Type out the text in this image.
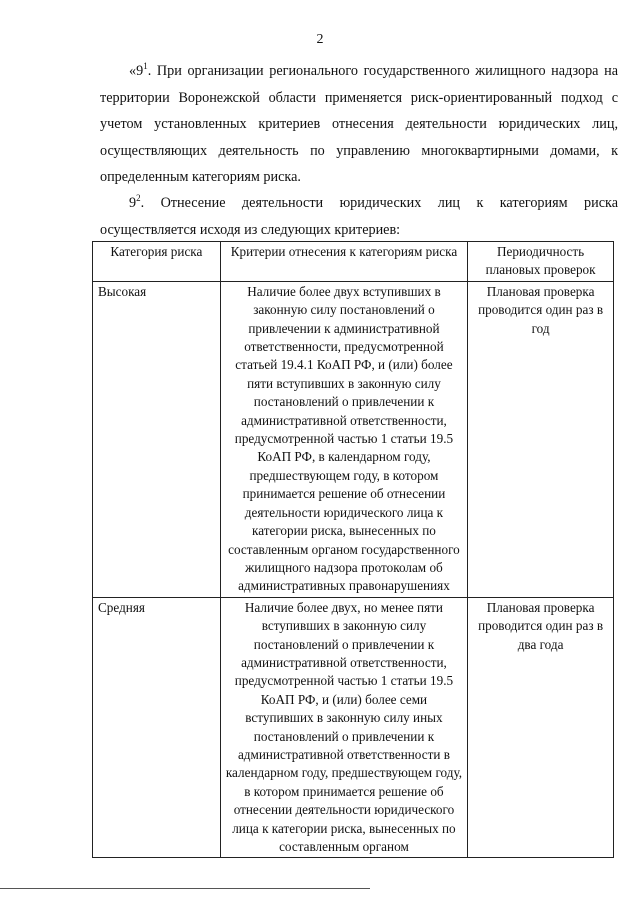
2

«$9^1$. При организации регионального государственного жилищного надзора на территории Воронежской области применяется риск-ориентированный подход с учетом установленных критериев отнесения деятельности юридических лиц, осуществляющих деятельность по управлению многоквартирными домами, к определенным категориям риска.

$9^2$. Отнесение деятельности юридических лиц к категориям риска осуществляется исходя из следующих критериев:

Категория риска	Критерии отнесения к категориям риска	Периодичность плановых проверок
Высокая	Наличие более двух вступивших в законную силу постановлений о привлечении к административной ответственности, предусмотренной статьей 19.4.1 КоАП РФ, и (или) более пяти вступивших в законную силу постановлений о привлечении к административной ответственности, предусмотренной частью 1 статьи 19.5 КоАП РФ, в календарном году, предшествующем году, в котором принимается решение об отнесении деятельности юридического лица к категории риска, вынесенных по составленным органом государственного жилищного надзора протоколам об административных правонарушениях	Плановая проверка проводится один раз в год
Средняя	Наличие более двух, но менее пяти вступивших в законную силу постановлений о привлечении к административной ответственности, предусмотренной частью 1 статьи 19.5 КоАП РФ, и (или) более семи вступивших в законную силу иных постановлений о привлечении к административной ответственности в календарном году, предшествующем году, в котором принимается решение об отнесении деятельности юридического лица к категории риска, вынесенных по составленным органом	Плановая проверка проводится один раз в два года
